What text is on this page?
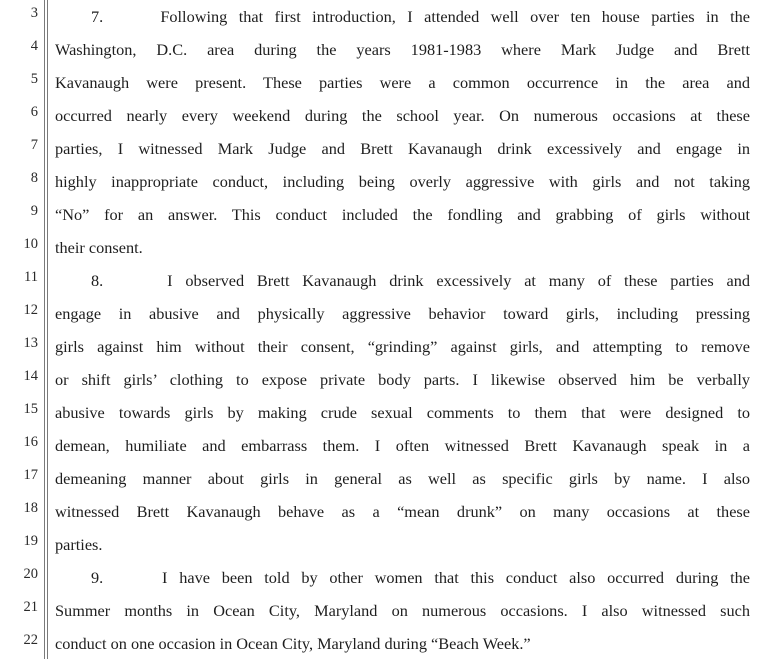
3
4
5
6
7
8
9
10
11
12
13
14
15
16
17
18
19
20
21
22
7.     Following that first introduction, I attended well over ten house parties in the
Washington, D.C. area during the years 1981-1983 where Mark Judge and Brett
Kavanaugh were present. These parties were a common occurrence in the area and
occurred nearly every weekend during the school year. On numerous occasions at these
parties, I witnessed Mark Judge and Brett Kavanaugh drink excessively and engage in
highly inappropriate conduct, including being overly aggressive with girls and not taking
“No” for an answer. This conduct included the fondling and grabbing of girls without
their consent.
8.     I observed Brett Kavanaugh drink excessively at many of these parties and
engage in abusive and physically aggressive behavior toward girls, including pressing
girls against him without their consent, “grinding” against girls, and attempting to remove
or shift girls’ clothing to expose private body parts. I likewise observed him be verbally
abusive towards girls by making crude sexual comments to them that were designed to
demean, humiliate and embarrass them. I often witnessed Brett Kavanaugh speak in a
demeaning manner about girls in general as well as specific girls by name. I also
witnessed Brett Kavanaugh behave as a “mean drunk” on many occasions at these
parties.
9.     I have been told by other women that this conduct also occurred during the
Summer months in Ocean City, Maryland on numerous occasions. I also witnessed such
conduct on one occasion in Ocean City, Maryland during “Beach Week.”
